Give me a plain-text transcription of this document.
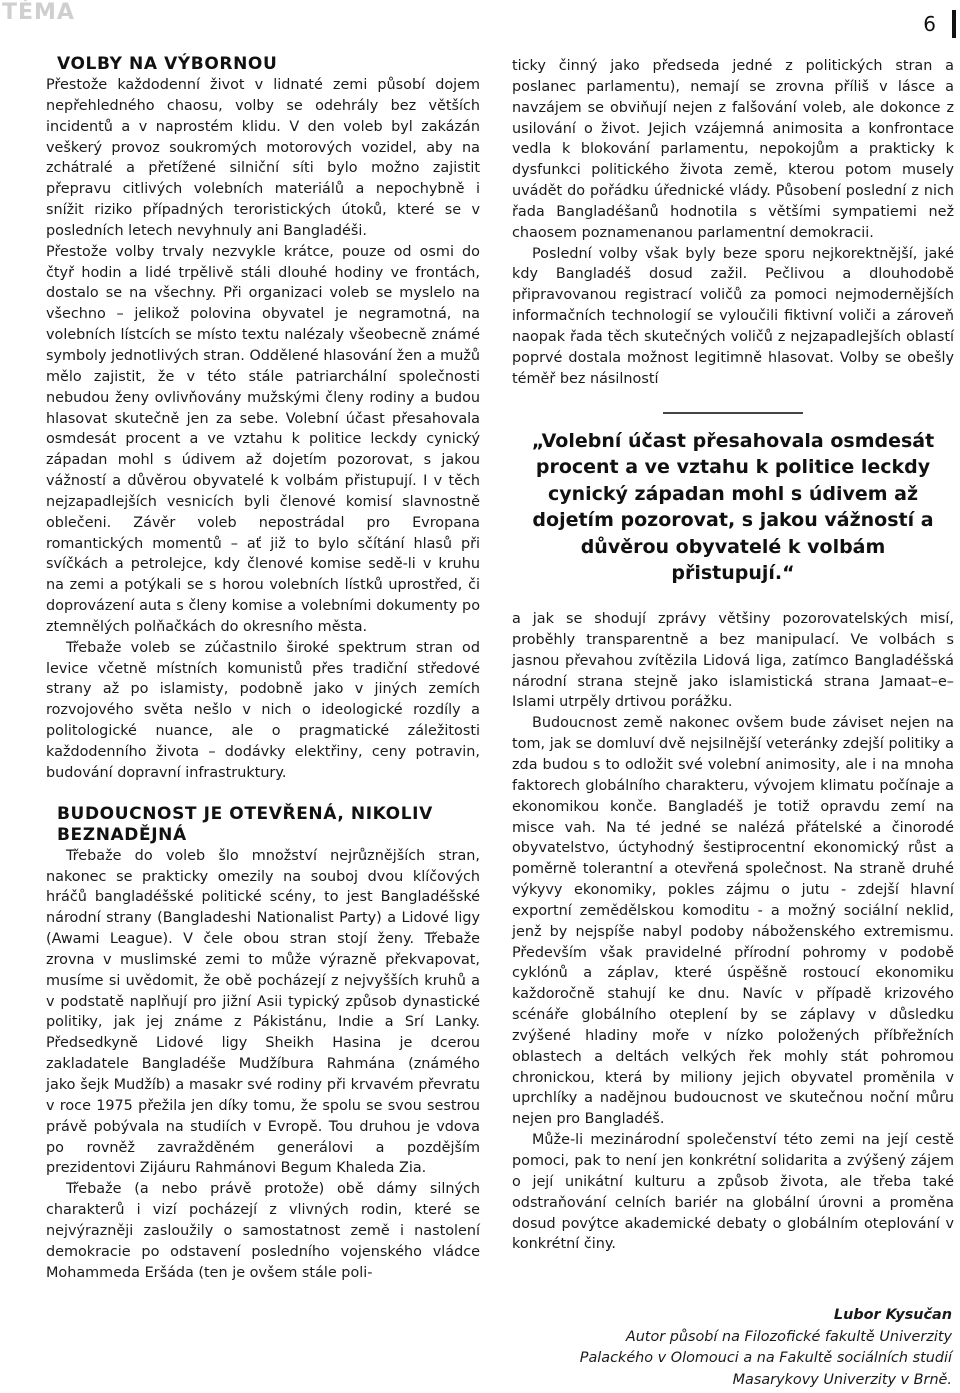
TÉMA	6
VOLBY NA VÝBORNOU

Přestože každodenní život v lidnaté zemi působí dojem nepřehledného chaosu, volby se odehrály bez větších incidentů a v naprostém klidu. V den voleb byl zakázán veškerý provoz soukromých motorových vozidel, aby na zchátralé a přetížené silniční síti bylo možno zajistit přepravu citlivých volebních materiálů a nepochybně i snížit riziko případných teroristických útoků, které se v posledních letech nevyhnuly ani Bangladéši.

Přestože volby trvaly nezvykle krátce, pouze od osmi do čtyř hodin a lidé trpělivě stáli dlouhé hodiny ve frontách, dostalo se na všechny. Při organizaci voleb se myslelo na všechno – jelikož polovina obyvatel je negramotná, na volebních lístcích se místo textu nalézaly všeobecně známé symboly jednotlivých stran. Oddělené hlasování žen a mužů mělo zajistit, že v této stále patriarchální společnosti nebudou ženy ovlivňovány mužskými členy rodiny a budou hlasovat skutečně jen za sebe. Volební účast přesahovala osmdesát procent a ve vztahu k politice leckdy cynický západan mohl s údivem až dojetím pozorovat, s jakou vážností a důvěrou obyvatelé k volbám přistupují. I v těch nejzapadlejších vesnicích byli členové komisí slavnostně oblečeni. Závěr voleb nepostrádal pro Evropana romantických momentů – ať již to bylo sčítání hlasů při svíčkách a petrolejce, kdy členové komise sedě-li v kruhu na zemi a potýkali se s horou volebních lístků uprostřed, či doprovázení auta s členy komise a volebními dokumenty po ztemnělých polňačkách do okresního města.

Třebaže voleb se zúčastnilo široké spektrum stran od levice včetně místních komunistů přes tradiční středové strany až po islamisty, podobně jako v jiných zemích rozvojového světa nešlo v nich o ideologické rozdíly a politologické nuance, ale o pragmatické záležitosti každodenního života – dodávky elektřiny, ceny potravin, budování dopravní infrastruktury.

BUDOUCNOST JE OTEVŘENÁ, NIKOLIV BEZNADĚJNÁ

Třebaže do voleb šlo množství nejrůznějších stran, nakonec se prakticky omezily na souboj dvou klíčových hráčů bangladéšské politické scény, to jest Bangladéšské národní strany (Bangladeshi Nationalist Party) a Lidové ligy (Awami League). V čele obou stran stojí ženy. Třebaže zrovna v muslimské zemi to může výrazně překvapovat, musíme si uvědomit, že obě pocházejí z nejvyšších kruhů a v podstatě naplňují pro jižní Asii typický způsob dynastické politiky, jak jej známe z Pákistánu, Indie a Srí Lanky. Předsedkyně Lidové ligy Sheikh Hasina je dcerou zakladatele Bangladéše Mudžíbura Rahmána (známého jako šejk Mudžíb) a masakr své rodiny při krvavém převratu v roce 1975 přežila jen díky tomu, že spolu se svou sestrou právě pobývala na studiích v Evropě. Tou druhou je vdova po rovněž zavražděném generálovi a pozdějším prezidentovi Zijáuru Rahmánovi Begum Khaleda Zia.

Třebaže (a nebo právě protože) obě dámy silných charakterů i vizí pocházejí z vlivných rodin, které se nejvýrazněji zasloužily o samostatnost země i nastolení demokracie po odstavení posledního vojenského vládce Mohammeda Eršáda (ten je ovšem stále poli-

ticky činný jako předseda jedné z politických stran a poslanec parlamentu), nemají se zrovna příliš v lásce a navzájem se obviňují nejen z falšování voleb, ale dokonce z usilování o život. Jejich vzájemná animosita a konfrontace vedla k blokování parlamentu, nepokojům a prakticky k dysfunkci politického života země, kterou potom musely uvádět do pořádku úřednické vlády. Působení poslední z nich řada Bangladéšanů hodnotila s většími sympatiemi než chaosem poznamenanou parlamentní demokracii.

Poslední volby však byly beze sporu nejkorektnější, jaké kdy Bangladéš dosud zažil. Pečlivou a dlouhodobě připravovanou registrací voličů za pomoci nejmodernějších informačních technologií se vyloučili fiktivní voliči a zároveň naopak řada těch skutečných voličů z nejzapadlejších oblastí poprvé dostala možnost legitimně hlasovat. Volby se obešly téměř bez násilností

„Volební účast přesahovala osmdesát procent a ve vztahu k politice leckdy cynický západan mohl s údivem až dojetím pozorovat, s jakou vážností a důvěrou obyvatelé k volbám přistupují.“

a jak se shodují zprávy většiny pozorovatelských misí, proběhly transparentně a bez manipulací. Ve volbách s jasnou převahou zvítězila Lidová liga, zatímco Bangladéšská národní strana stejně jako islamistická strana Jamaat–e–Islami utrpěly drtivou porážku.

Budoucnost země nakonec ovšem bude záviset nejen na tom, jak se domluví dvě nejsilnější veteránky zdejší politiky a zda budou s to odložit své volební animosity, ale i na mnoha faktorech globálního charakteru, vývojem klimatu počínaje a ekonomikou konče. Bangladéš je totiž opravdu zemí na misce vah. Na té jedné se nalézá přátelské a činorodé obyvatelstvo, úctyhodný šestiprocentní ekonomický růst a poměrně tolerantní a otevřená společnost. Na straně druhé výkyvy ekonomiky, pokles zájmu o jutu - zdejší hlavní exportní zemědělskou komoditu - a možný sociální neklid, jenž by nejspíše nabyl podoby náboženského extremismu. Především však pravidelné přírodní pohromy v podobě cyklónů a záplav, které úspěšně rostoucí ekonomiku každoročně stahují ke dnu. Navíc v případě krizového scénáře globálního oteplení by se záplavy v důsledku zvýšené hladiny moře v nízko položených příbřežních oblastech a deltách velkých řek mohly stát pohromou chronickou, která by miliony jejich obyvatel proměnila v uprchlíky a nadějnou budoucnost ve skutečnou noční můru nejen pro Bangladéš.

Může-li mezinárodní společenství této zemi na její cestě pomoci, pak to není jen konkrétní solidarita a zvýšený zájem o její unikátní kulturu a způsob života, ale třeba také odstraňování celních bariér na globální úrovni a proměna dosud povýtce akademické debaty o globálním oteplování v konkrétní činy.

Lubor Kysučan
Autor působí na Filozofické fakultě Univerzity
Palackého v Olomouci a na Fakultě sociálních studií
Masarykovy Univerzity v Brně.
